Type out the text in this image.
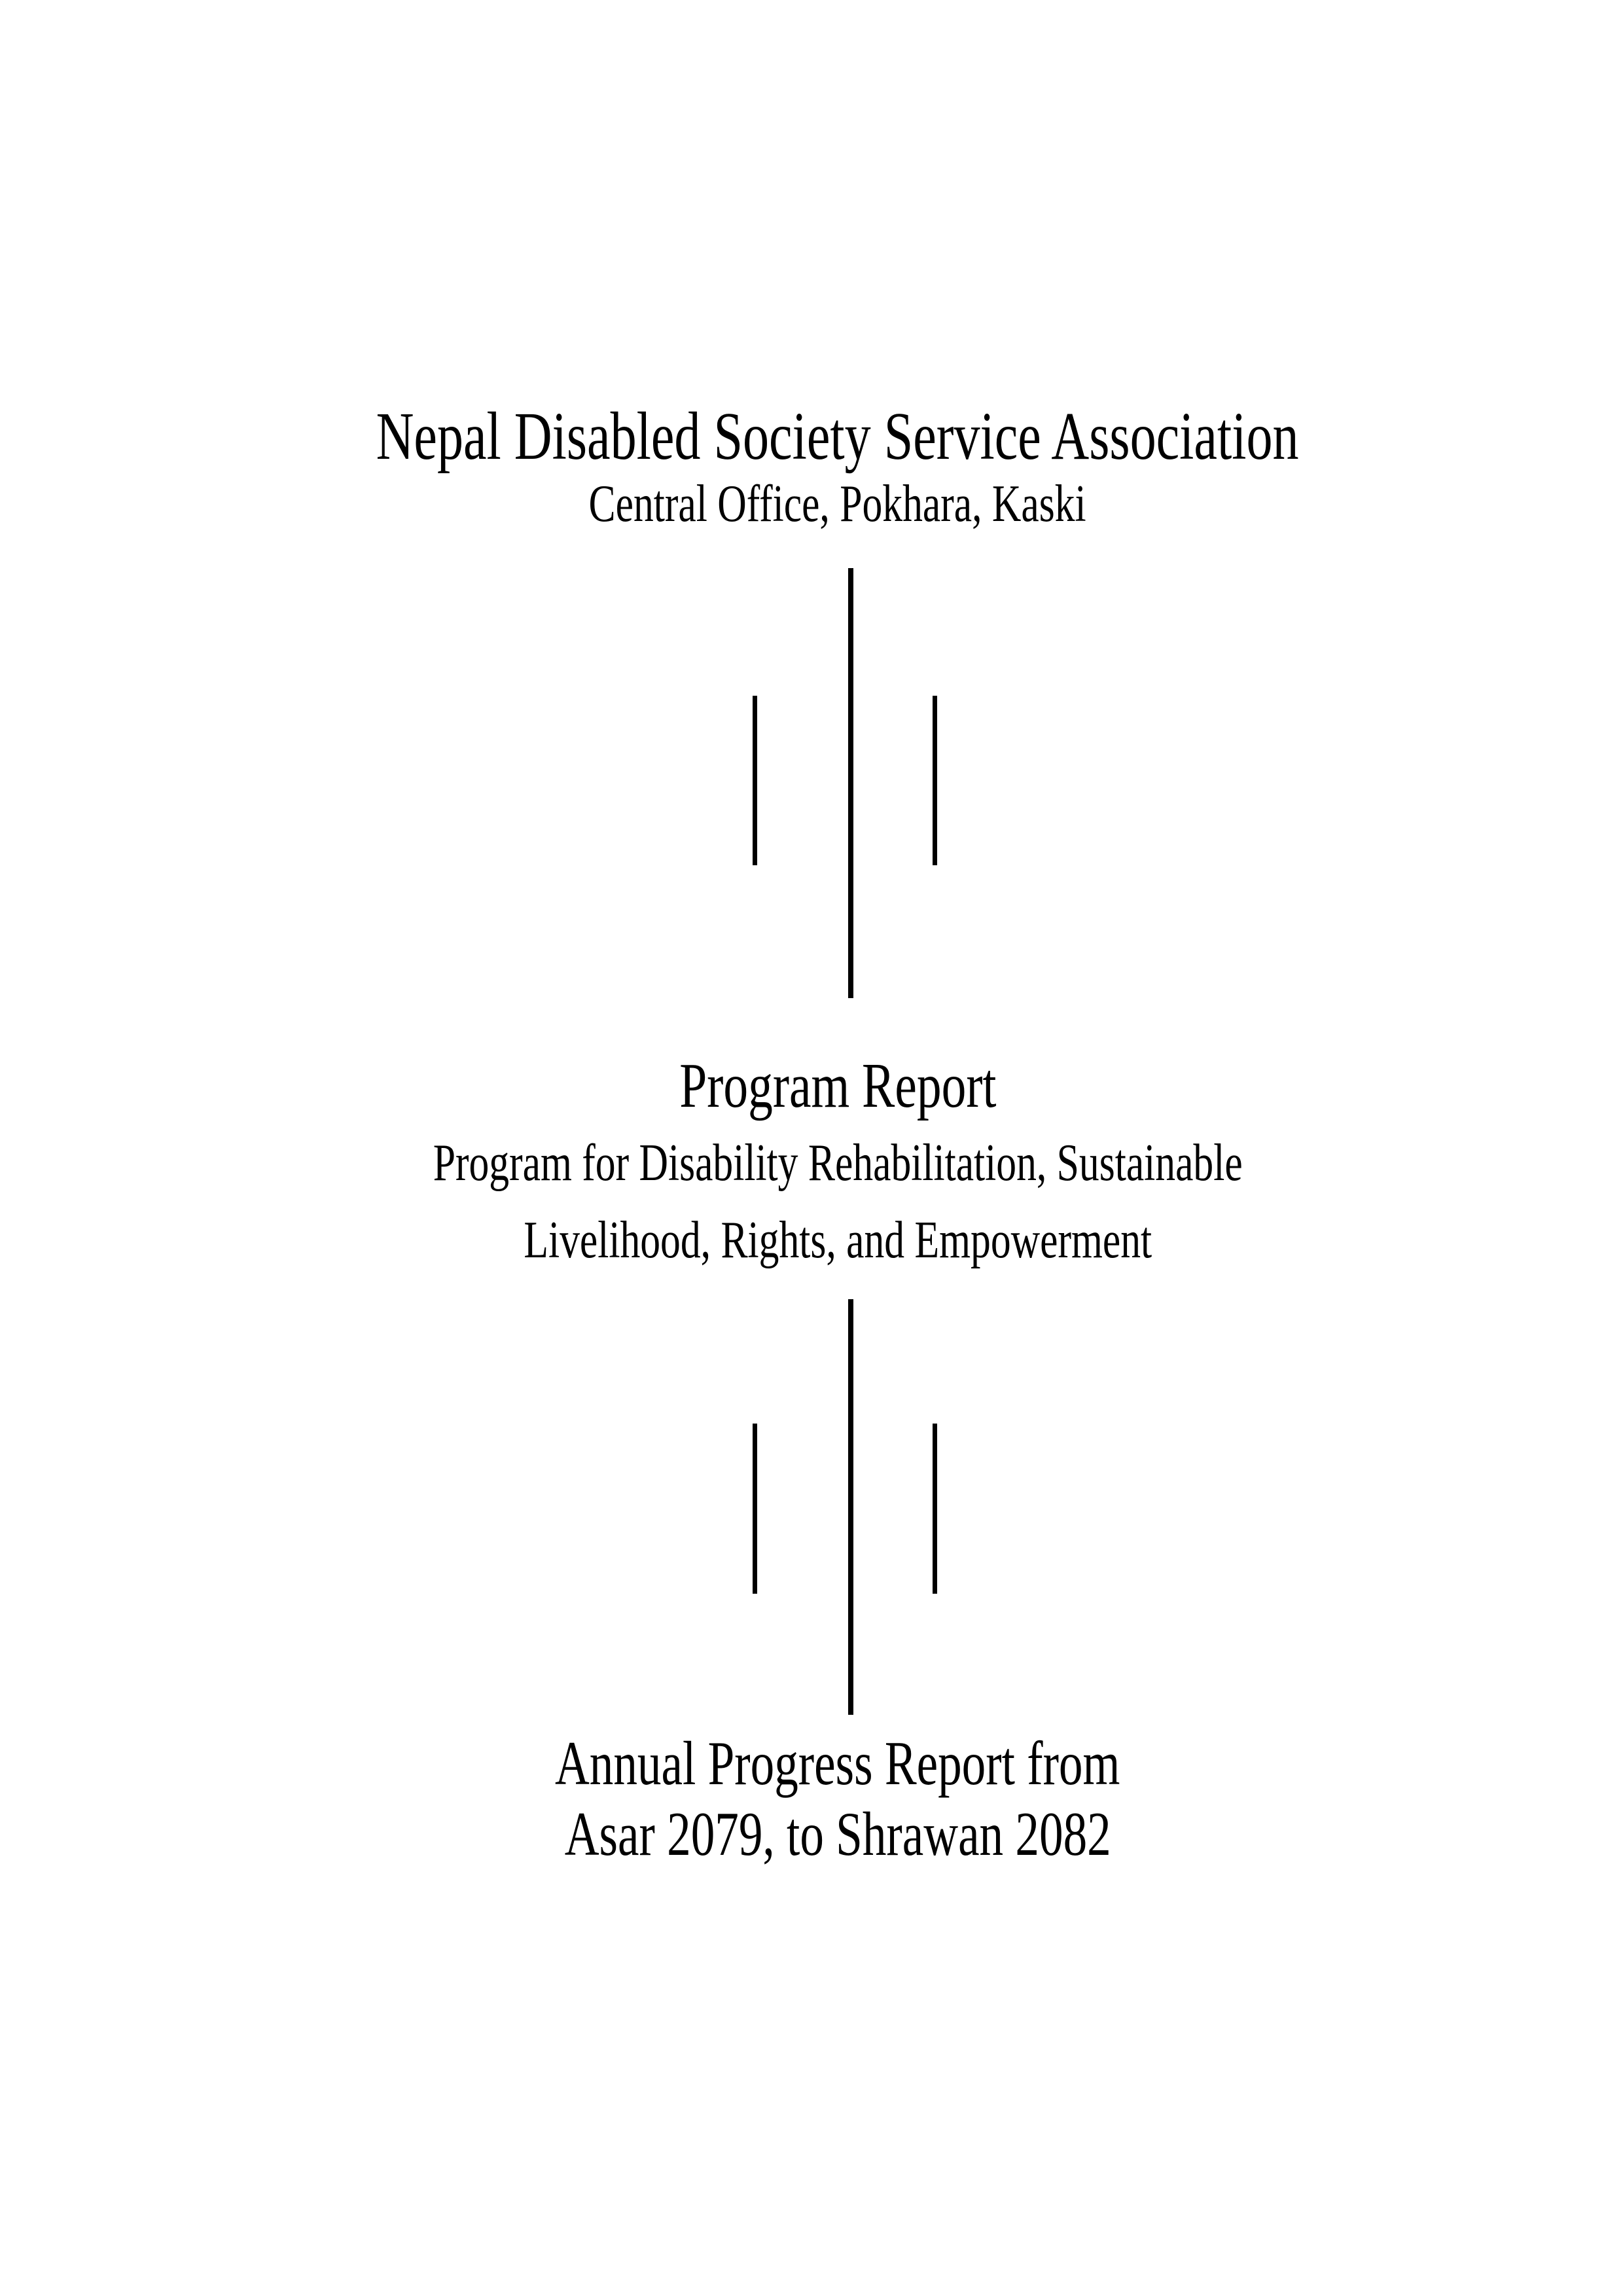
Nepal Disabled Society Service Association
Central Office, Pokhara, Kaski
Program Report
Program for Disability Rehabilitation, Sustainable
Livelihood, Rights, and Empowerment
Annual Progress Report from
Asar 2079, to Shrawan 2082
